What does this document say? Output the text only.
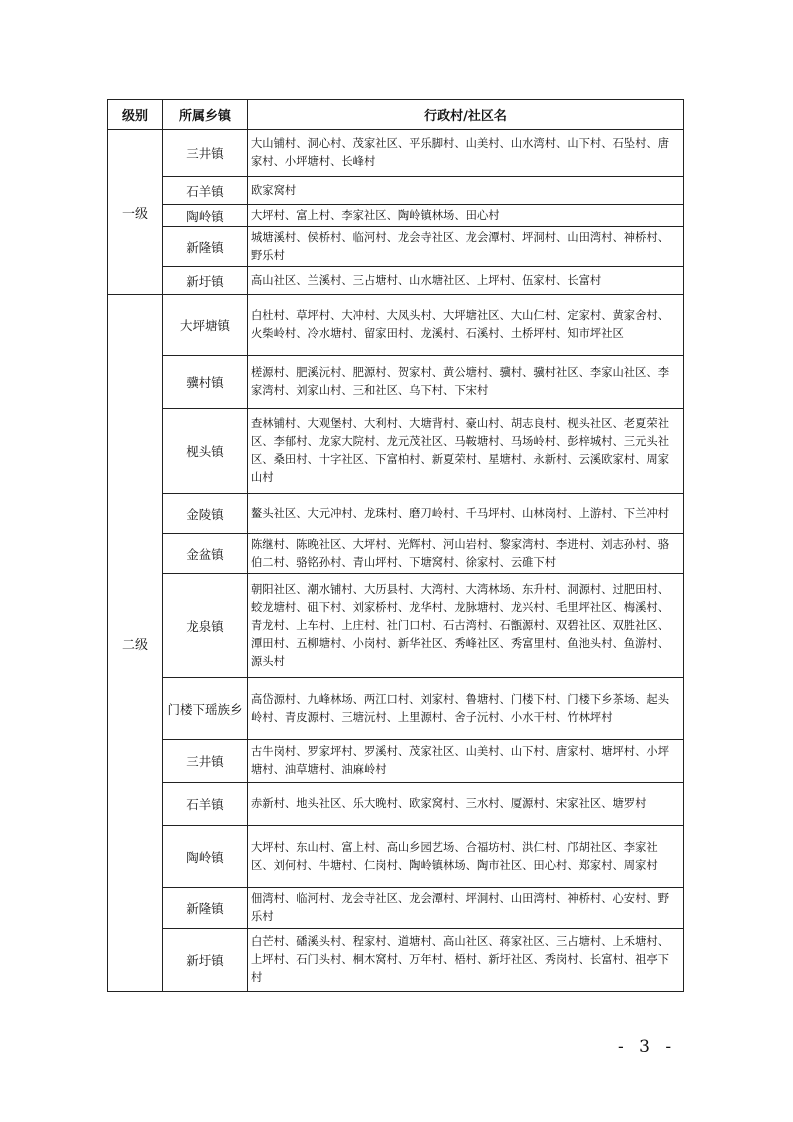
级别	所属乡镇	行政村/社区名
一级	三井镇	大山铺村、洞心村、茂家社区、平乐脚村、山美村、山水湾村、山下村、石坠村、唐家村、小坪塘村、长峰村
	石羊镇	欧家窝村
	陶岭镇	大坪村、富上村、李家社区、陶岭镇林场、田心村
	新隆镇	城塘溪村、侯桥村、临河村、龙会寺社区、龙会潭村、坪洞村、山田湾村、神桥村、野乐村
	新圩镇	高山社区、兰溪村、三占塘村、山水塘社区、上坪村、伍家村、长富村
二级	大坪塘镇	白杜村、草坪村、大冲村、大凤头村、大坪塘社区、大山仁村、定家村、黄家舍村、火柴岭村、冷水塘村、留家田村、龙溪村、石溪村、土桥坪村、知市坪社区
	骥村镇	槎源村、肥溪沅村、肥源村、贺家村、黄公塘村、骥村、骥村社区、李家山社区、李家湾村、刘家山村、三和社区、乌下村、下宋村
	枧头镇	查林铺村、大观堡村、大利村、大塘背村、豪山村、胡志良村、枧头社区、老夏荣社区、李郁村、龙家大院村、龙元茂社区、马鞍塘村、马场岭村、彭梓城村、三元头社区、桑田村、十字社区、下富柏村、新夏荣村、星塘村、永新村、云溪欧家村、周家山村
	金陵镇	鳌头社区、大元冲村、龙珠村、磨刀岭村、千马坪村、山林岗村、上游村、下兰冲村
	金盆镇	陈继村、陈晚社区、大坪村、光辉村、河山岩村、黎家湾村、李进村、刘志孙村、骆伯二村、骆铭孙村、青山坪村、下塘窝村、徐家村、云碓下村
	龙泉镇	朝阳社区、潮水铺村、大历县村、大湾村、大湾林场、东升村、洞源村、过肥田村、蛟龙塘村、砠下村、刘家桥村、龙华村、龙脉塘村、龙兴村、毛里坪社区、梅溪村、青龙村、上车村、上庄村、社门口村、石古湾村、石甑源村、双碧社区、双胜社区、潭田村、五柳塘村、小岗村、新华社区、秀峰社区、秀富里村、鱼池头村、鱼游村、源头村
	门楼下瑶族乡	高岱源村、九峰林场、两江口村、刘家村、鲁塘村、门楼下村、门楼下乡茶场、起头岭村、青皮源村、三塘沅村、上里源村、舍子沅村、小水干村、竹林坪村
	三井镇	古牛岗村、罗家坪村、罗溪村、茂家社区、山美村、山下村、唐家村、塘坪村、小坪塘村、油草塘村、油麻岭村
	石羊镇	赤新村、地头社区、乐大晚村、欧家窝村、三水村、厦源村、宋家社区、塘罗村
	陶岭镇	大坪村、东山村、富上村、高山乡园艺场、合福坊村、洪仁村、邝胡社区、李家社区、刘何村、牛塘村、仁岗村、陶岭镇林场、陶市社区、田心村、郑家村、周家村
	新隆镇	佃湾村、临河村、龙会寺社区、龙会潭村、坪洞村、山田湾村、神桥村、心安村、野乐村
	新圩镇	白芒村、磻溪头村、程家村、道塘村、高山社区、蒋家社区、三占塘村、上禾塘村、上坪村、石门头村、桐木窝村、万年村、梧村、新圩社区、秀岗村、长富村、祖亭下村
- 3 -
